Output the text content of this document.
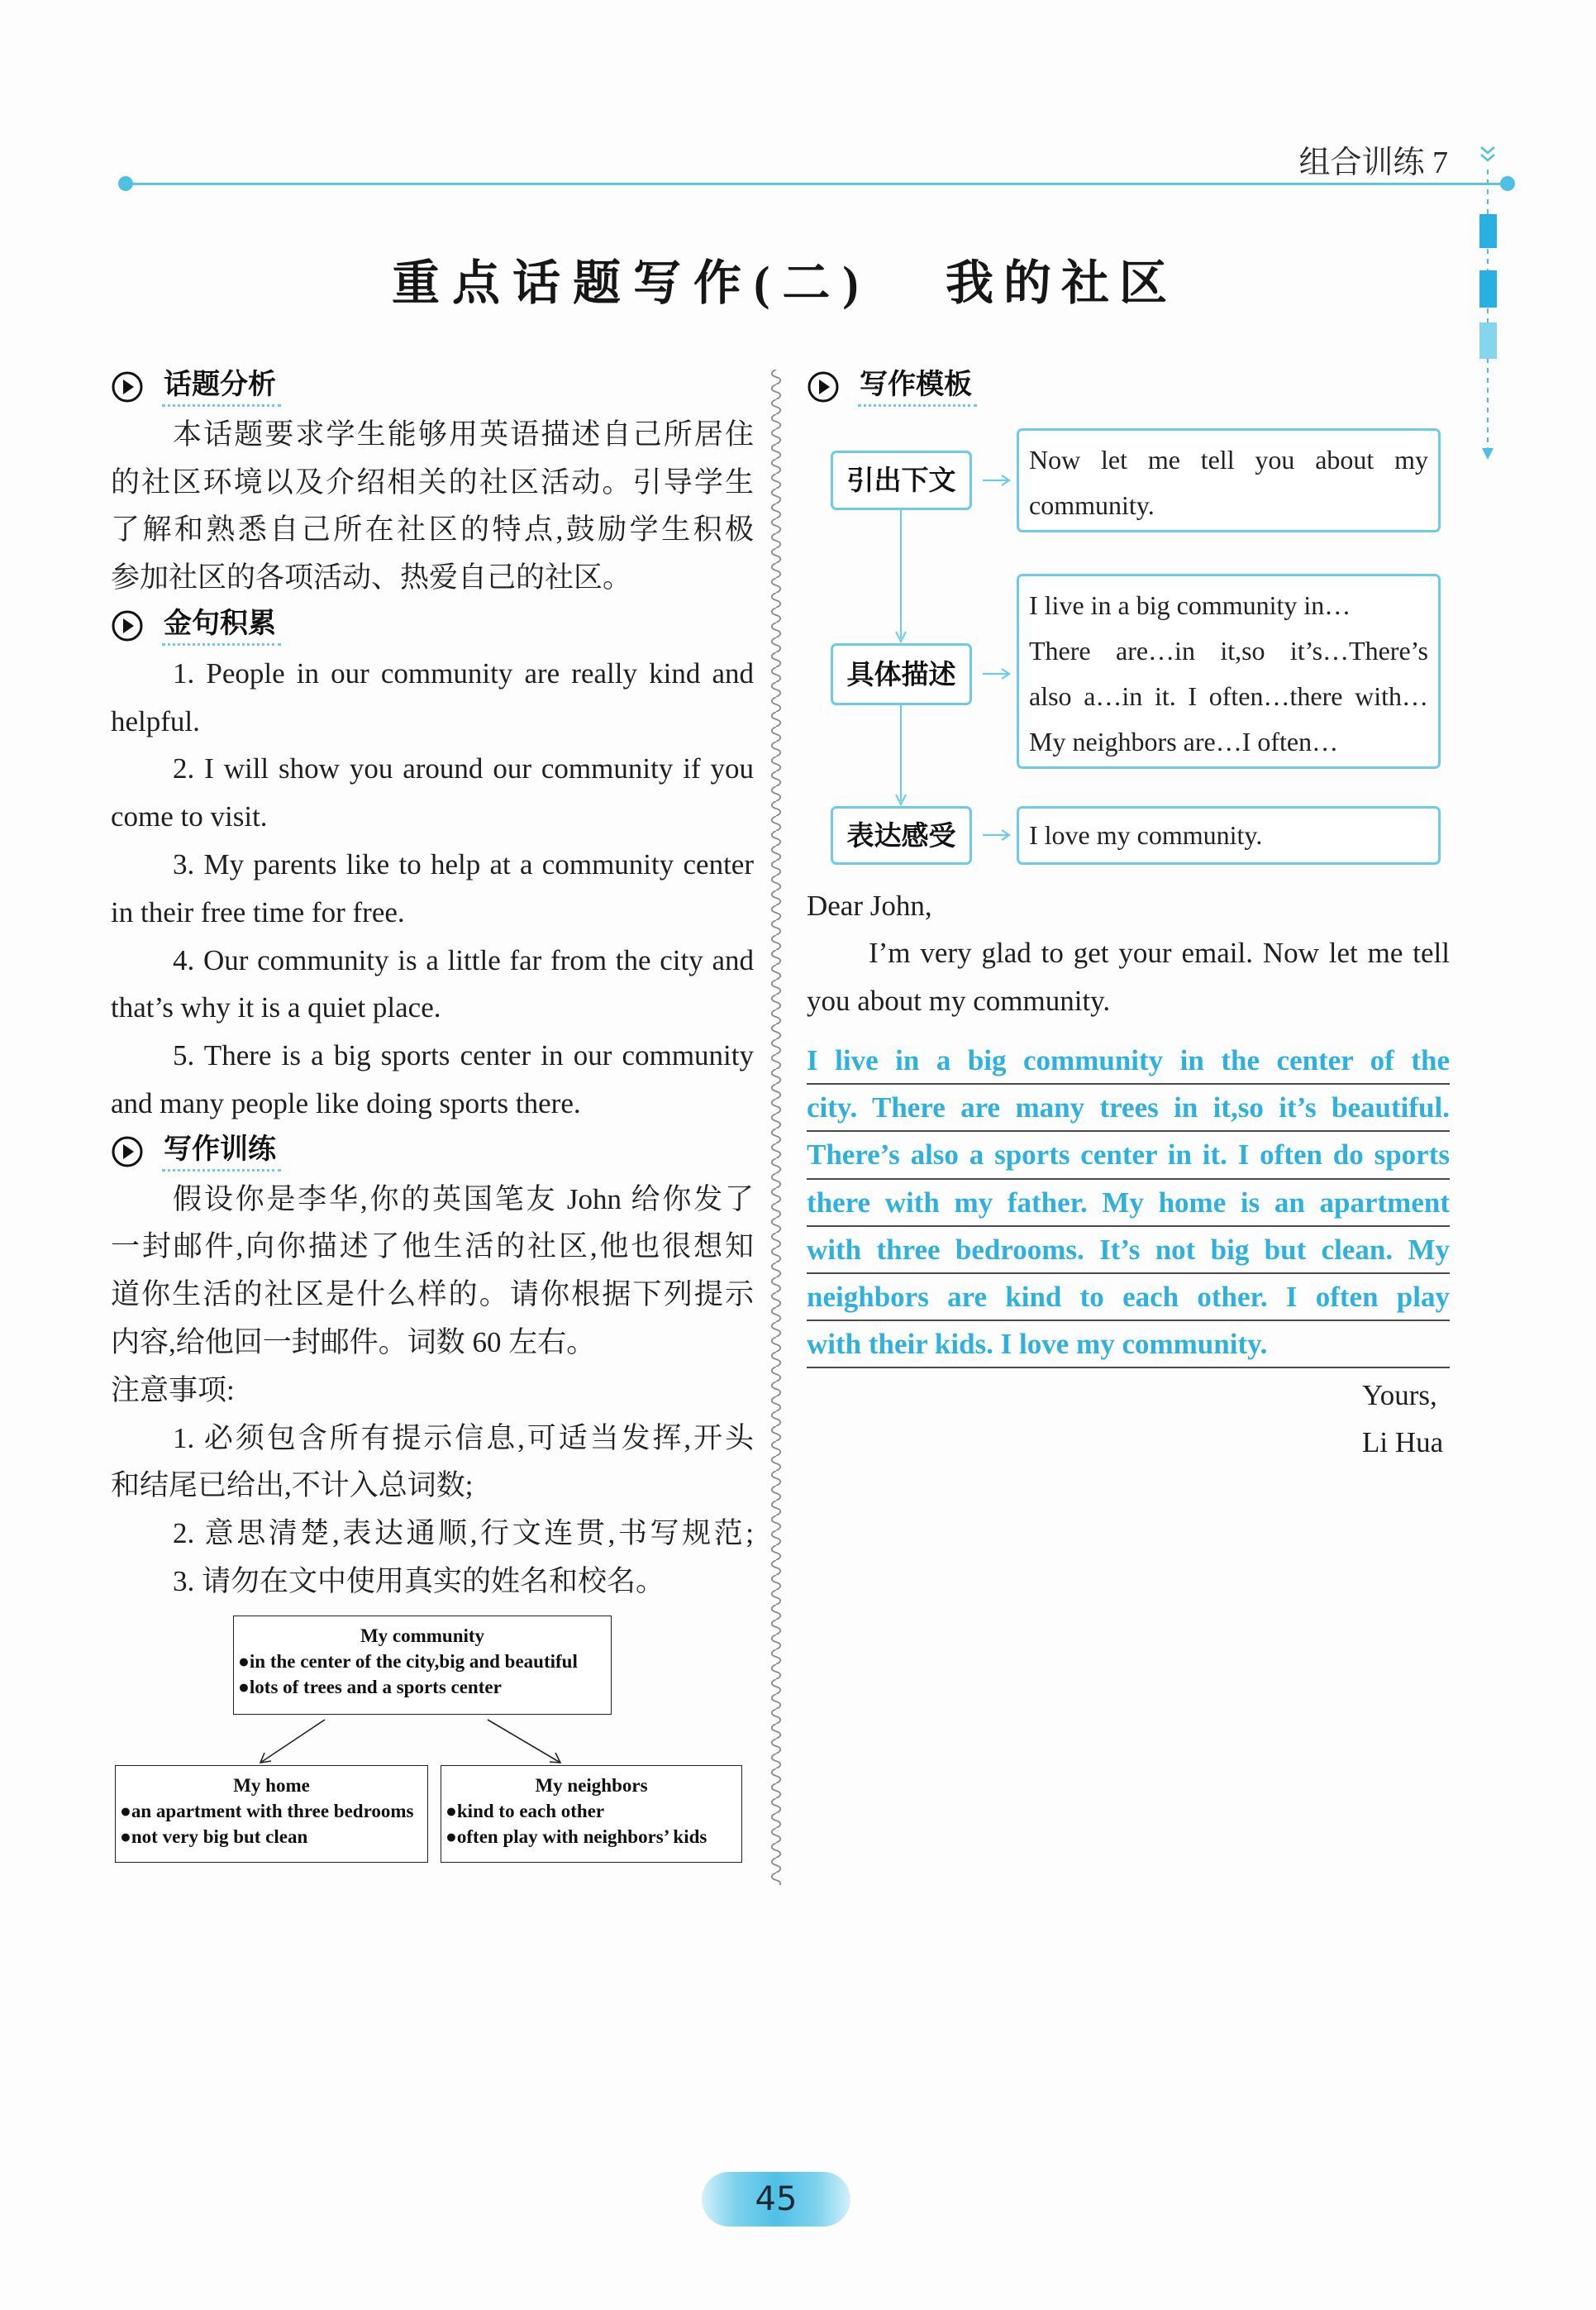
组合训练 7
重点话题写作(二) 我的社区
话题分析
本话题要求学生能够用英语描述自己所居住
的社区环境以及介绍相关的社区活动。引导学生
了解和熟悉自己所在社区的特点,鼓励学生积极
参加社区的各项活动、热爱自己的社区。
金句积累
1. People in our community are really kind and
helpful.
2. I will show you around our community if you
come to visit.
3. My parents like to help at a community center
in their free time for free.
4. Our community is a little far from the city and
that’s why it is a quiet place.
5. There is a big sports center in our community
and many people like doing sports there.
写作训练
假设你是李华,你的英国笔友 John 给你发了
一封邮件,向你描述了他生活的社区,他也很想知
道你生活的社区是什么样的。请你根据下列提示
内容,给他回一封邮件。词数 60 左右。
注意事项:
1. 必须包含所有提示信息,可适当发挥,开头
和结尾已给出,不计入总词数;
2. 意思清楚,表达通顺,行文连贯,书写规范;
3. 请勿在文中使用真实的姓名和校名。
My community
●in the center of the city,big and beautiful
●lots of trees and a sports center
My home
●an apartment with three bedrooms
●not very big but clean
My neighbors
●kind to each other
●often play with neighbors’ kids
写作模板
引出下文
Now let me tell you about my
community.
具体描述
I live in a big community in…
There are…in it,so it’s…There’s
also a…in it. I often…there with…
My neighbors are…I often…
表达感受	I love my community.
Dear John,
I’m very glad to get your email. Now let me tell
you about my community.
I live in a big community in the center of the
city. There are many trees in it,so it’s beautiful.
There’s also a sports center in it. I often do sports
there with my father. My home is an apartment
with three bedrooms. It’s not big but clean. My
neighbors are kind to each other. I often play
with their kids. I love my community.
Yours,
Li Hua
45
